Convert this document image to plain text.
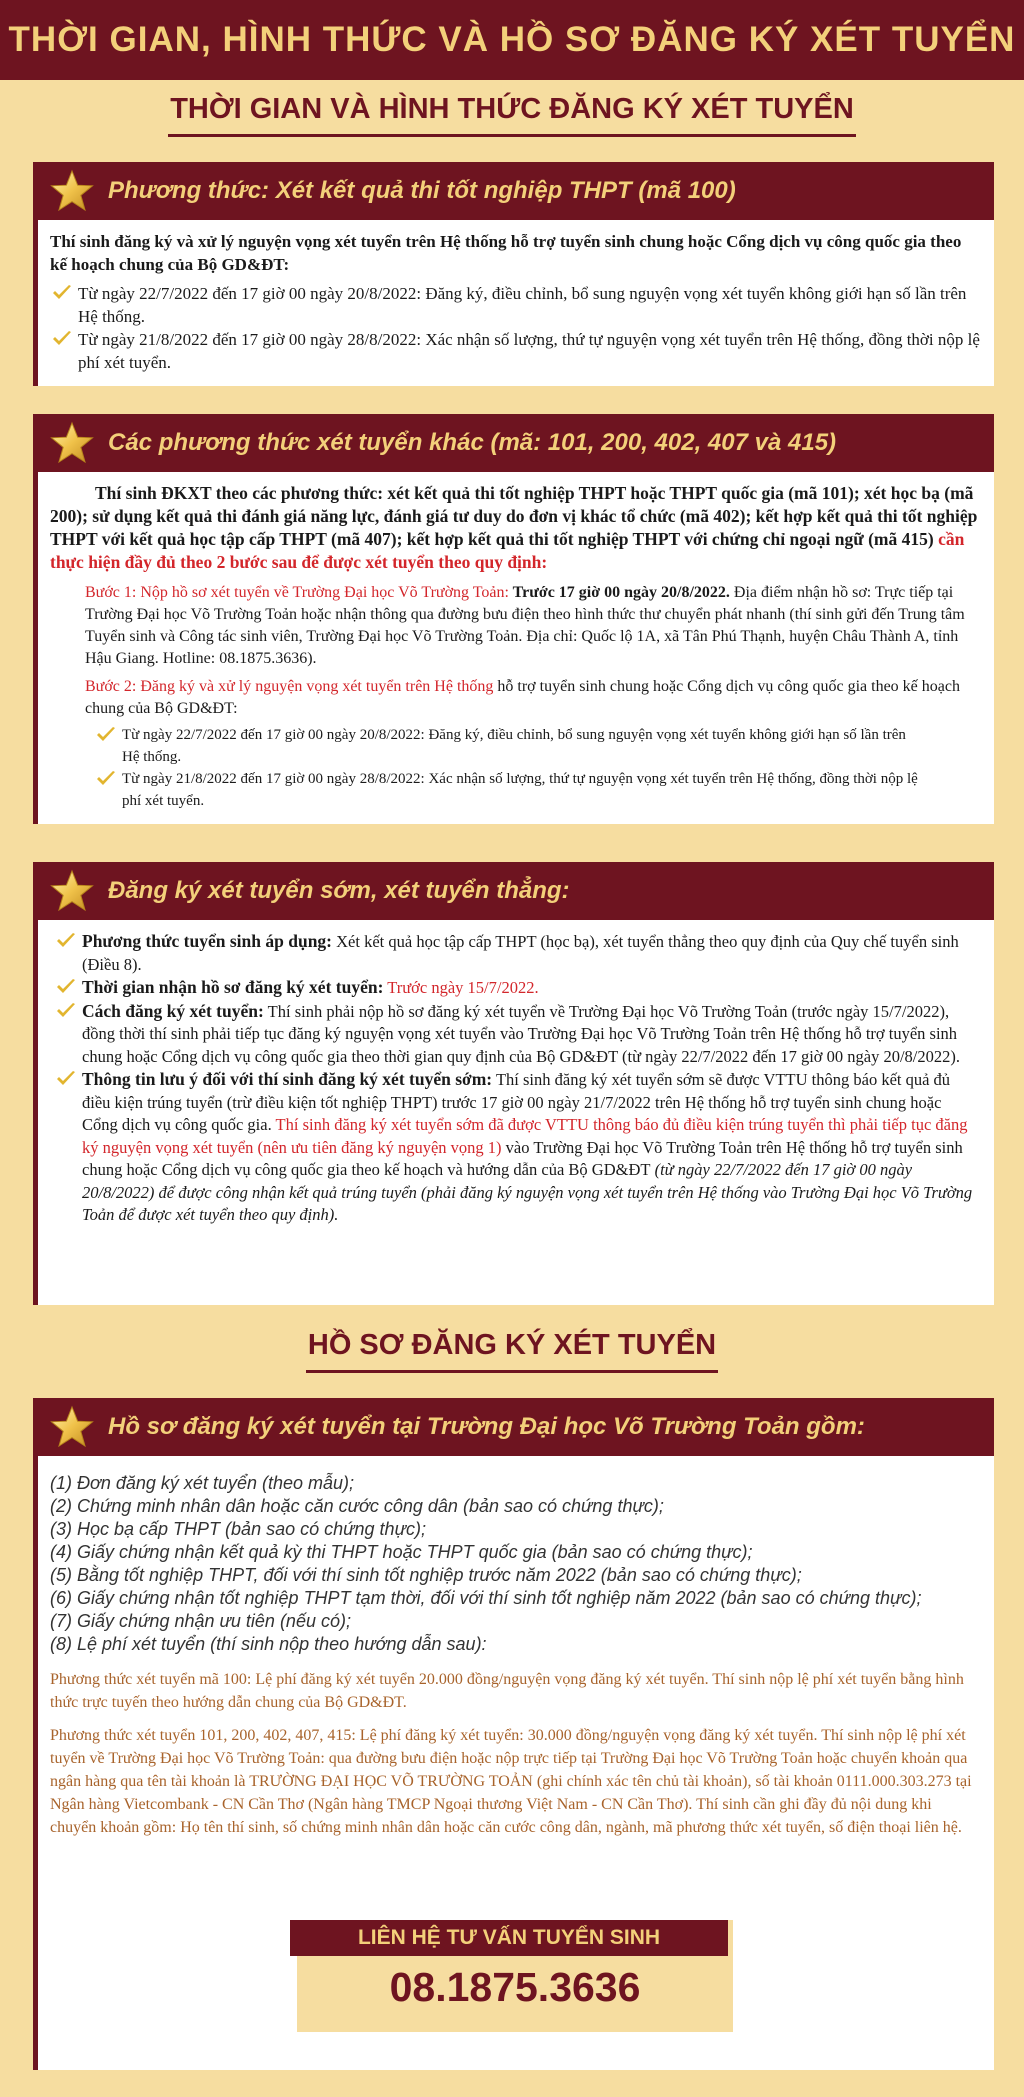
THỜI GIAN, HÌNH THỨC VÀ HỒ SƠ ĐĂNG KÝ XÉT TUYỂN
THỜI GIAN VÀ HÌNH THỨC ĐĂNG KÝ XÉT TUYỂN
Phương thức: Xét kết quả thi tốt nghiệp THPT (mã 100)

Thí sinh đăng ký và xử lý nguyện vọng xét tuyển trên Hệ thống hỗ trợ tuyển sinh chung hoặc Cổng dịch vụ công quốc gia theo kế hoạch chung của Bộ GD&ĐT:

Từ ngày 22/7/2022 đến 17 giờ 00 ngày 20/8/2022: Đăng ký, điều chỉnh, bổ sung nguyện vọng xét tuyển không giới hạn số lần trên Hệ thống.
Từ ngày 21/8/2022 đến 17 giờ 00 ngày 28/8/2022: Xác nhận số lượng, thứ tự nguyện vọng xét tuyển trên Hệ thống, đồng thời nộp lệ phí xét tuyển.
Các phương thức xét tuyển khác (mã: 101, 200, 402, 407 và 415)

Thí sinh ĐKXT theo các phương thức: xét kết quả thi tốt nghiệp THPT hoặc THPT quốc gia (mã 101); xét học bạ (mã 200); sử dụng kết quả thi đánh giá năng lực, đánh giá tư duy do đơn vị khác tổ chức (mã 402); kết hợp kết quả thi tốt nghiệp THPT với kết quả học tập cấp THPT (mã 407); kết hợp kết quả thi tốt nghiệp THPT với chứng chỉ ngoại ngữ (mã 415) cần thực hiện đầy đủ theo 2 bước sau để được xét tuyển theo quy định:

Bước 1: Nộp hồ sơ xét tuyển về Trường Đại học Võ Trường Toản: Trước 17 giờ 00 ngày 20/8/2022. Địa điểm nhận hồ sơ: Trực tiếp tại Trường Đại học Võ Trường Toản hoặc nhận thông qua đường bưu điện theo hình thức thư chuyển phát nhanh (thí sinh gửi đến Trung tâm Tuyển sinh và Công tác sinh viên, Trường Đại học Võ Trường Toản. Địa chỉ: Quốc lộ 1A, xã Tân Phú Thạnh, huyện Châu Thành A, tỉnh Hậu Giang. Hotline: 08.1875.3636).

Bước 2: Đăng ký và xử lý nguyện vọng xét tuyển trên Hệ thống hỗ trợ tuyển sinh chung hoặc Cổng dịch vụ công quốc gia theo kế hoạch chung của Bộ GD&ĐT:

Từ ngày 22/7/2022 đến 17 giờ 00 ngày 20/8/2022: Đăng ký, điều chỉnh, bổ sung nguyện vọng xét tuyển không giới hạn số lần trên Hệ thống.
Từ ngày 21/8/2022 đến 17 giờ 00 ngày 28/8/2022: Xác nhận số lượng, thứ tự nguyện vọng xét tuyển trên Hệ thống, đồng thời nộp lệ phí xét tuyển.
Đăng ký xét tuyển sớm, xét tuyển thẳng:
Phương thức tuyển sinh áp dụng: Xét kết quả học tập cấp THPT (học bạ), xét tuyển thẳng theo quy định của Quy chế tuyển sinh (Điều 8).
Thời gian nhận hồ sơ đăng ký xét tuyển: Trước ngày 15/7/2022.
Cách đăng ký xét tuyển: Thí sinh phải nộp hồ sơ đăng ký xét tuyển về Trường Đại học Võ Trường Toản (trước ngày 15/7/2022), đồng thời thí sinh phải tiếp tục đăng ký nguyện vọng xét tuyển vào Trường Đại học Võ Trường Toản trên Hệ thống hỗ trợ tuyển sinh chung hoặc Cổng dịch vụ công quốc gia theo thời gian quy định của Bộ GD&ĐT (từ ngày 22/7/2022 đến 17 giờ 00 ngày 20/8/2022).
Thông tin lưu ý đối với thí sinh đăng ký xét tuyển sớm: Thí sinh đăng ký xét tuyển sớm sẽ được VTTU thông báo kết quả đủ điều kiện trúng tuyển (trừ điều kiện tốt nghiệp THPT) trước 17 giờ 00 ngày 21/7/2022 trên Hệ thống hỗ trợ tuyển sinh chung hoặc Cổng dịch vụ công quốc gia. Thí sinh đăng ký xét tuyển sớm đã được VTTU thông báo đủ điều kiện trúng tuyển thì phải tiếp tục đăng ký nguyện vọng xét tuyển (nên ưu tiên đăng ký nguyện vọng 1) vào Trường Đại học Võ Trường Toản trên Hệ thống hỗ trợ tuyển sinh chung hoặc Cổng dịch vụ công quốc gia theo kế hoạch và hướng dẫn của Bộ GD&ĐT (từ ngày 22/7/2022 đến 17 giờ 00 ngày 20/8/2022) để được công nhận kết quả trúng tuyển (phải đăng ký nguyện vọng xét tuyển trên Hệ thống vào Trường Đại học Võ Trường Toản để được xét tuyển theo quy định).
HỒ SƠ ĐĂNG KÝ XÉT TUYỂN
Hồ sơ đăng ký xét tuyển tại Trường Đại học Võ Trường Toản gồm:
(1) Đơn đăng ký xét tuyển (theo mẫu);
(2) Chứng minh nhân dân hoặc căn cước công dân (bản sao có chứng thực);
(3) Học bạ cấp THPT (bản sao có chứng thực);
(4) Giấy chứng nhận kết quả kỳ thi THPT hoặc THPT quốc gia (bản sao có chứng thực);
(5) Bằng tốt nghiệp THPT, đối với thí sinh tốt nghiệp trước năm 2022 (bản sao có chứng thực);
(6) Giấy chứng nhận tốt nghiệp THPT tạm thời, đối với thí sinh tốt nghiệp năm 2022 (bản sao có chứng thực);
(7) Giấy chứng nhận ưu tiên (nếu có);
(8) Lệ phí xét tuyển (thí sinh nộp theo hướng dẫn sau):

Phương thức xét tuyển mã 100: Lệ phí đăng ký xét tuyển 20.000 đồng/nguyện vọng đăng ký xét tuyển. Thí sinh nộp lệ phí xét tuyển bằng hình thức trực tuyến theo hướng dẫn chung của Bộ GD&ĐT.

Phương thức xét tuyển 101, 200, 402, 407, 415: Lệ phí đăng ký xét tuyển: 30.000 đồng/nguyện vọng đăng ký xét tuyển. Thí sinh nộp lệ phí xét tuyển về Trường Đại học Võ Trường Toản: qua đường bưu điện hoặc nộp trực tiếp tại Trường Đại học Võ Trường Toản hoặc chuyển khoản qua ngân hàng qua tên tài khoản là TRƯỜNG ĐẠI HỌC VÕ TRƯỜNG TOẢN (ghi chính xác tên chủ tài khoản), số tài khoản 0111.000.303.273 tại Ngân hàng Vietcombank - CN Cần Thơ (Ngân hàng TMCP Ngoại thương Việt Nam - CN Cần Thơ). Thí sinh cần ghi đầy đủ nội dung khi chuyển khoản gồm: Họ tên thí sinh, số chứng minh nhân dân hoặc căn cước công dân, ngành, mã phương thức xét tuyển, số điện thoại liên hệ.

LIÊN HỆ TƯ VẤN TUYỂN SINH
08.1875.3636
